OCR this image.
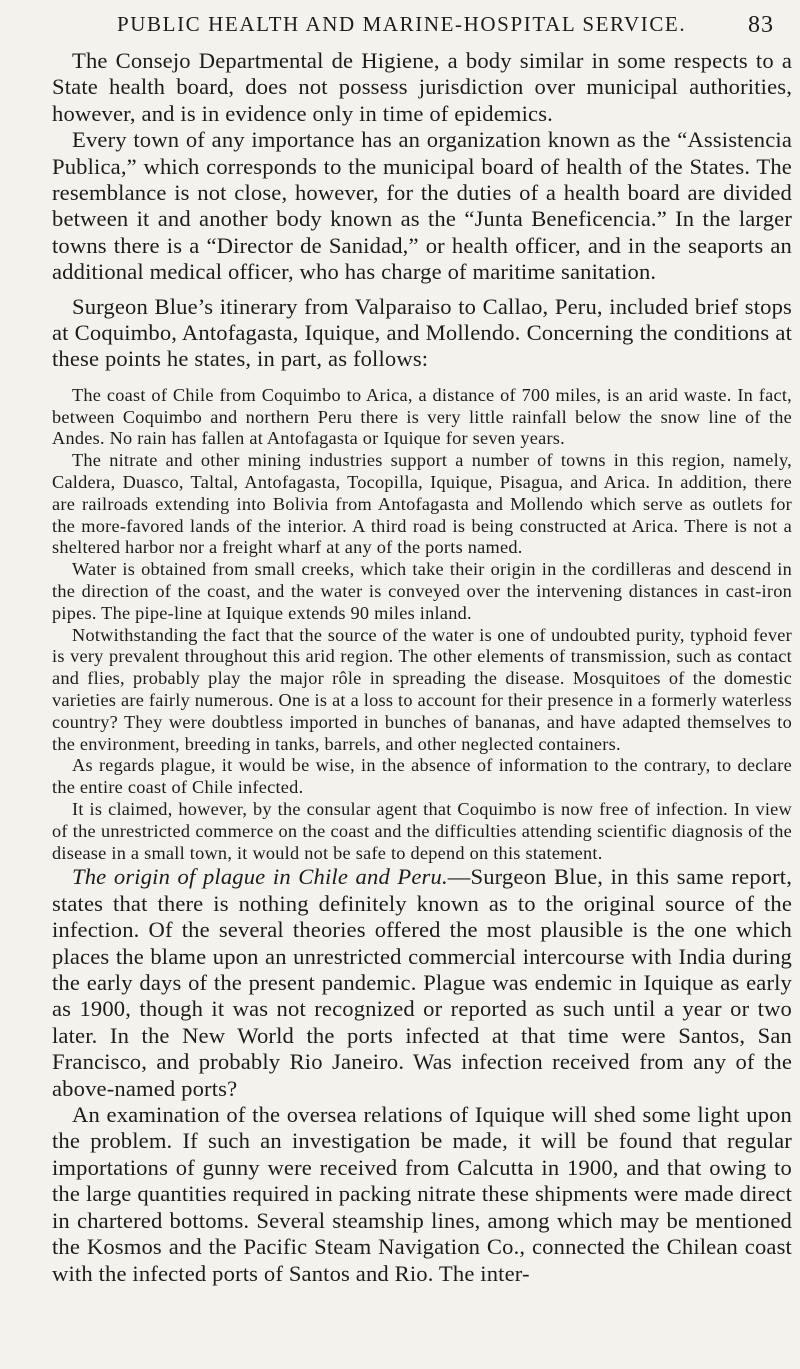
PUBLIC HEALTH AND MARINE-HOSPITAL SERVICE.	83

The Consejo Departmental de Higiene, a body similar in some respects to a State health board, does not possess jurisdiction over municipal authorities, however, and is in evidence only in time of epidemics.

Every town of any importance has an organization known as the “Assistencia Publica,” which corresponds to the municipal board of health of the States. The resemblance is not close, however, for the duties of a health board are divided between it and another body known as the “Junta Beneficencia.” In the larger towns there is a “Director de Sanidad,” or health officer, and in the seaports an additional medical officer, who has charge of maritime sanitation.

Surgeon Blue’s itinerary from Valparaiso to Callao, Peru, included brief stops at Coquimbo, Antofagasta, Iquique, and Mollendo. Concerning the conditions at these points he states, in part, as follows:

The coast of Chile from Coquimbo to Arica, a distance of 700 miles, is an arid waste. In fact, between Coquimbo and northern Peru there is very little rainfall below the snow line of the Andes. No rain has fallen at Antofagasta or Iquique for seven years.

The nitrate and other mining industries support a number of towns in this region, namely, Caldera, Duasco, Taltal, Antofagasta, Tocopilla, Iquique, Pisagua, and Arica. In addition, there are railroads extending into Bolivia from Antofagasta and Mollendo which serve as outlets for the more-favored lands of the interior. A third road is being constructed at Arica. There is not a sheltered harbor nor a freight wharf at any of the ports named.

Water is obtained from small creeks, which take their origin in the cordilleras and descend in the direction of the coast, and the water is conveyed over the intervening distances in cast-iron pipes. The pipe-line at Iquique extends 90 miles inland.

Notwithstanding the fact that the source of the water is one of undoubted purity, typhoid fever is very prevalent throughout this arid region. The other elements of transmission, such as contact and flies, probably play the major rôle in spreading the disease. Mosquitoes of the domestic varieties are fairly numerous. One is at a loss to account for their presence in a formerly waterless country? They were doubtless imported in bunches of bananas, and have adapted themselves to the environment, breeding in tanks, barrels, and other neglected containers.

As regards plague, it would be wise, in the absence of information to the contrary, to declare the entire coast of Chile infected.

It is claimed, however, by the consular agent that Coquimbo is now free of infection. In view of the unrestricted commerce on the coast and the difficulties attending scientific diagnosis of the disease in a small town, it would not be safe to depend on this statement.

The origin of plague in Chile and Peru.—Surgeon Blue, in this same report, states that there is nothing definitely known as to the original source of the infection. Of the several theories offered the most plausible is the one which places the blame upon an unrestricted commercial intercourse with India during the early days of the present pandemic. Plague was endemic in Iquique as early as 1900, though it was not recognized or reported as such until a year or two later. In the New World the ports infected at that time were Santos, San Francisco, and probably Rio Janeiro. Was infection received from any of the above-named ports?

An examination of the oversea relations of Iquique will shed some light upon the problem. If such an investigation be made, it will be found that regular importations of gunny were received from Calcutta in 1900, and that owing to the large quantities required in packing nitrate these shipments were made direct in chartered bottoms. Several steamship lines, among which may be mentioned the Kosmos and the Pacific Steam Navigation Co., connected the Chilean coast with the infected ports of Santos and Rio. The inter-
